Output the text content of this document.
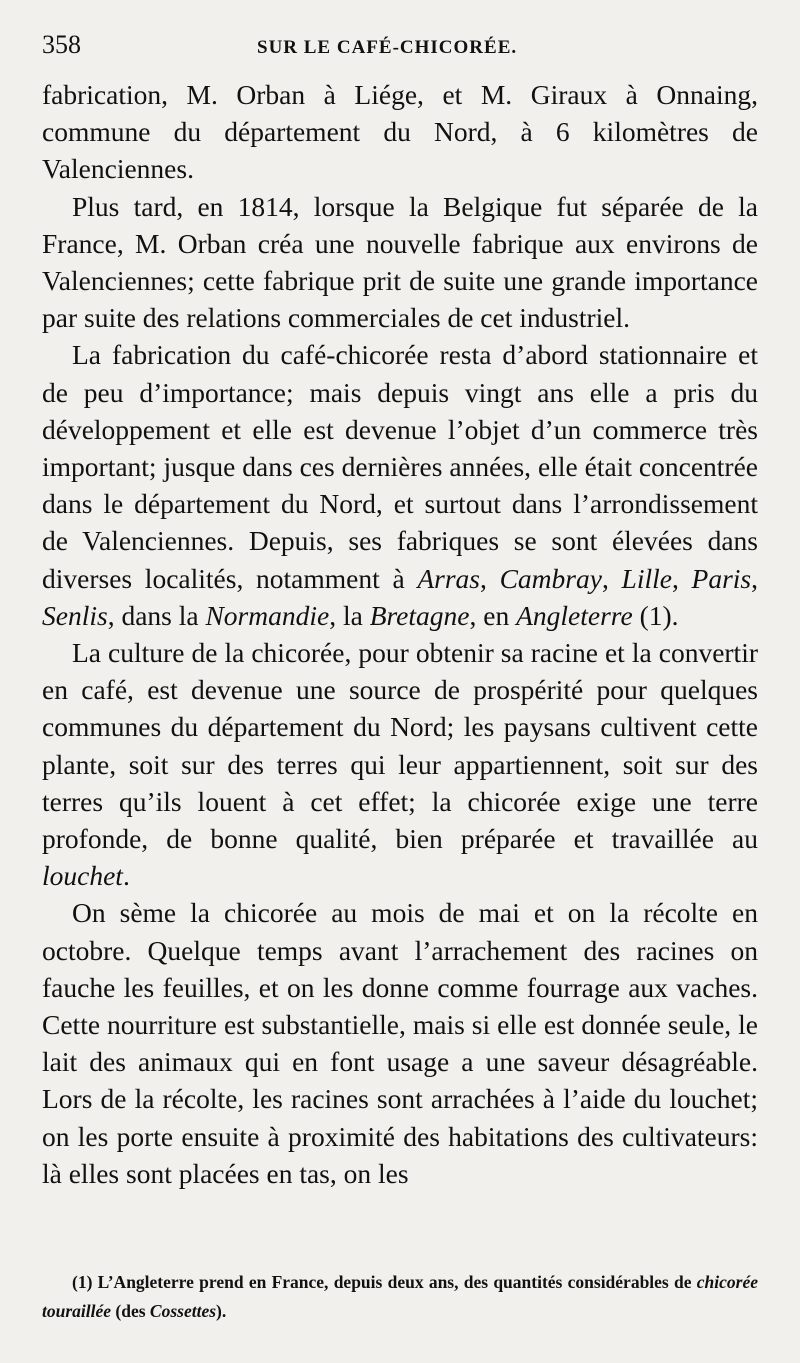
358	SUR LE CAFÉ-CHICORÉE.

fabrication, M. Orban à Liége, et M. Giraux à Onnaing, commune du département du Nord, à 6 kilomètres de Valenciennes.

Plus tard, en 1814, lorsque la Belgique fut séparée de la France, M. Orban créa une nouvelle fabrique aux environs de Valenciennes; cette fabrique prit de suite une grande importance par suite des relations commerciales de cet industriel.

La fabrication du café-chicorée resta d’abord stationnaire et de peu d’importance; mais depuis vingt ans elle a pris du développement et elle est devenue l’objet d’un commerce très important; jusque dans ces dernières années, elle était concentrée dans le département du Nord, et surtout dans l’arrondissement de Valenciennes. Depuis, ses fabriques se sont élevées dans diverses localités, notamment à Arras, Cambray, Lille, Paris, Senlis, dans la Normandie, la Bretagne, en Angleterre (1).

La culture de la chicorée, pour obtenir sa racine et la convertir en café, est devenue une source de prospérité pour quelques communes du département du Nord; les paysans cultivent cette plante, soit sur des terres qui leur appartiennent, soit sur des terres qu’ils louent à cet effet; la chicorée exige une terre profonde, de bonne qualité, bien préparée et travaillée au louchet.

On sème la chicorée au mois de mai et on la récolte en octobre. Quelque temps avant l’arrachement des racines on fauche les feuilles, et on les donne comme fourrage aux vaches. Cette nourriture est substantielle, mais si elle est donnée seule, le lait des animaux qui en font usage a une saveur désagréable. Lors de la récolte, les racines sont arrachées à l’aide du louchet; on les porte ensuite à proximité des habitations des cultivateurs: là elles sont placées en tas, on les

(1) L’Angleterre prend en France, depuis deux ans, des quantités considérables de chicorée touraillée (des Cossettes).
